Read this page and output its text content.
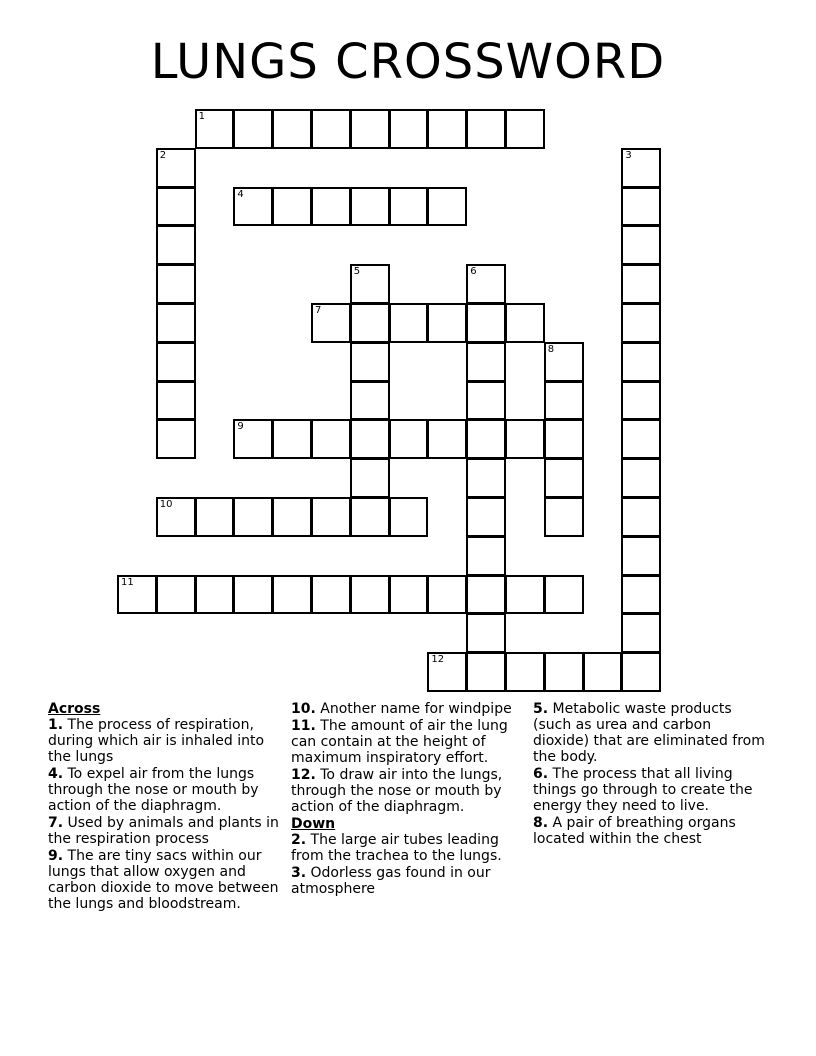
LUNGS CROSSWORD
1
2	3
4
5	6
7
8
9
10
11
12
Across
1. The process of respiration, during which air is inhaled into the lungs
4. To expel air from the lungs through the nose or mouth by action of the diaphragm.
7. Used by animals and plants in the respiration process
9. The are tiny sacs within our lungs that allow oxygen and carbon dioxide to move between the lungs and bloodstream.
10. Another name for windpipe
11. The amount of air the lung can contain at the height of maximum inspiratory effort.
12. To draw air into the lungs, through the nose or mouth by action of the diaphragm.
Down
2. The large air tubes leading from the trachea to the lungs.
3. Odorless gas found in our atmosphere
5. Metabolic waste products (such as urea and carbon dioxide) that are eliminated from the body.
6. The process that all living things go through to create the energy they need to live.
8. A pair of breathing organs located within the chest
